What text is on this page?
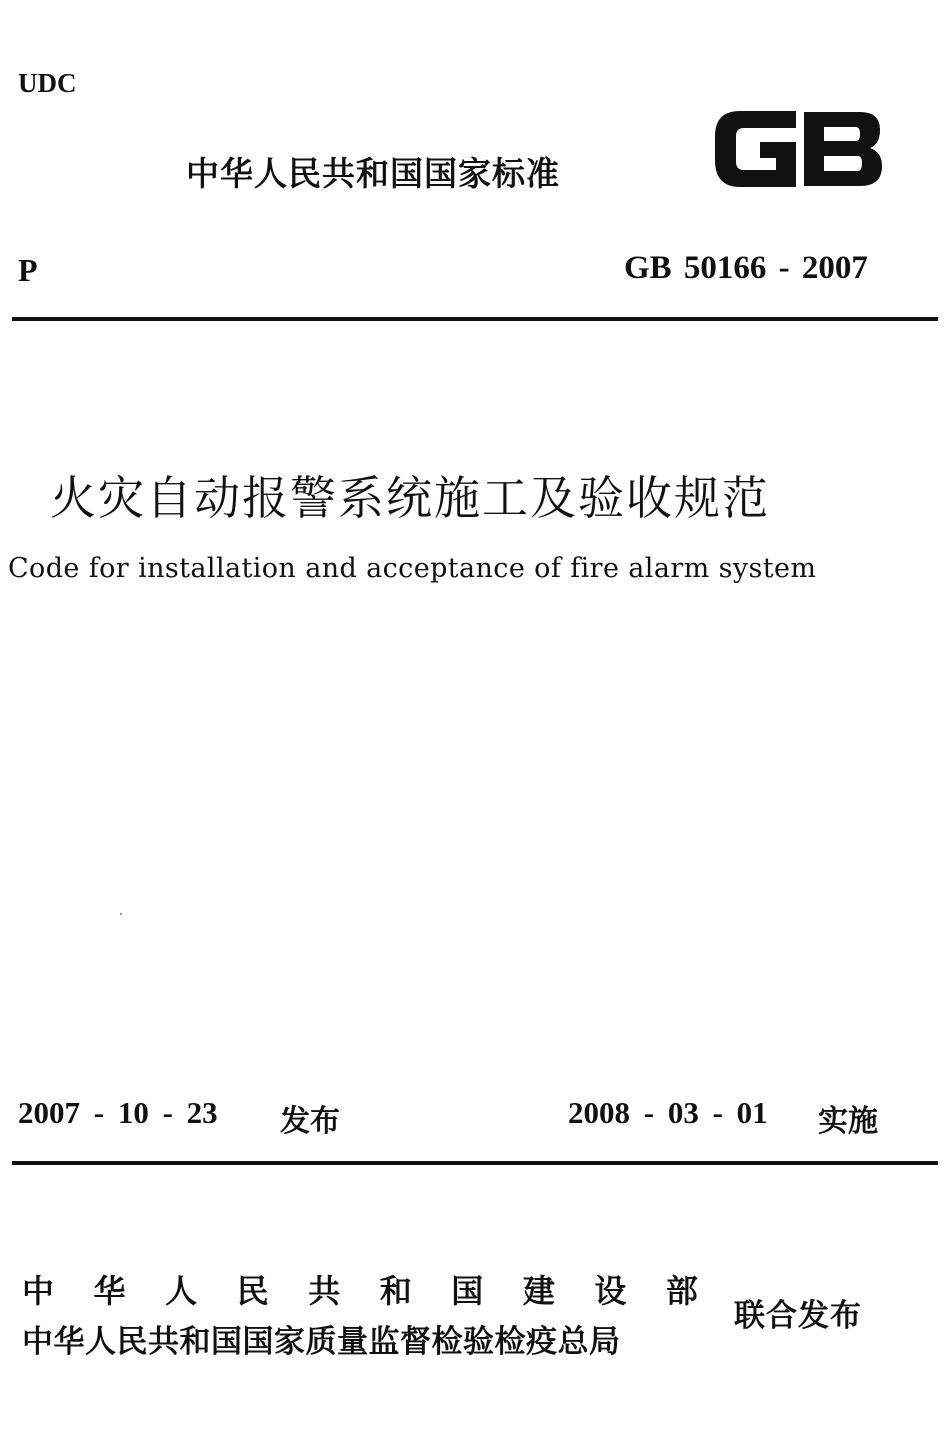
UDC
中华人民共和国国家标准
P	GB 50166 - 2007
火灾自动报警系统施工及验收规范
Code for installation and acceptance of fire alarm system
2007 - 10 - 23 发布	2008 - 03 - 01 实施
中 华 人 民 共 和 国 建 设 部
中华人民共和国国家质量监督检验检疫总局
联合发布
